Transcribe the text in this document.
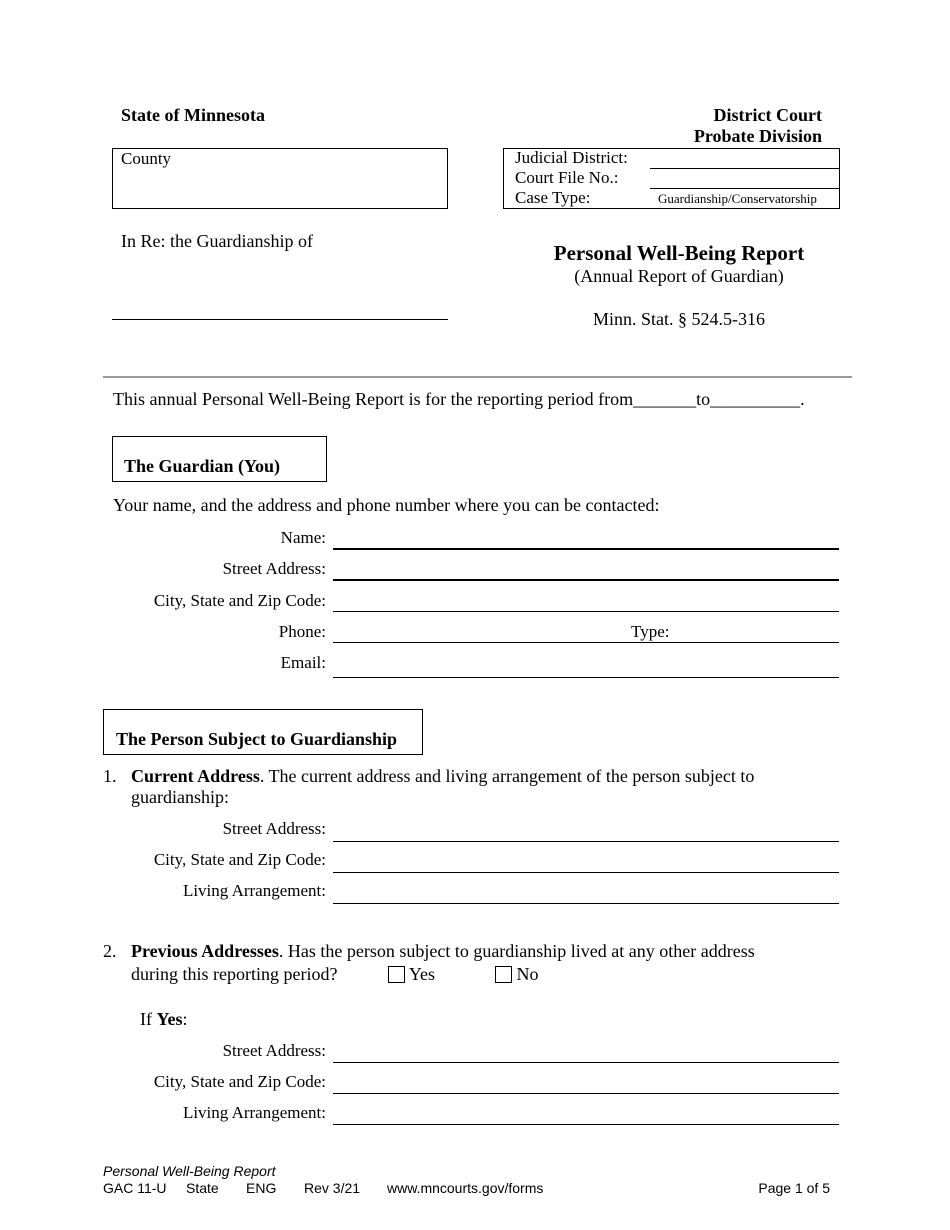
State of Minnesota	District Court
Probate Division
County	Judicial District:
Court File No.:
Case Type:	Guardianship/Conservatorship
In Re: the Guardianship of	Personal Well-Being Report
(Annual Report of Guardian)
Minn. Stat. § 524.5-316
This annual Personal Well-Being Report is for the reporting period from_______to__________.
The Guardian (You)
Your name, and the address and phone number where you can be contacted:
Name:
Street Address:
City, State and Zip Code:
Phone:	Type:
Email:
The Person Subject to Guardianship
1. Current Address. The current address and living arrangement of the person subject to
guardianship:
Street Address:
City, State and Zip Code:
Living Arrangement:
2. Previous Addresses. Has the person subject to guardianship lived at any other address
during this reporting period?	Yes	No
If Yes:
Street Address:
City, State and Zip Code:
Living Arrangement:
Personal Well-Being Report
GAC 11-U State ENG Rev 3/21 www.mncourts.gov/forms	Page 1 of 5
